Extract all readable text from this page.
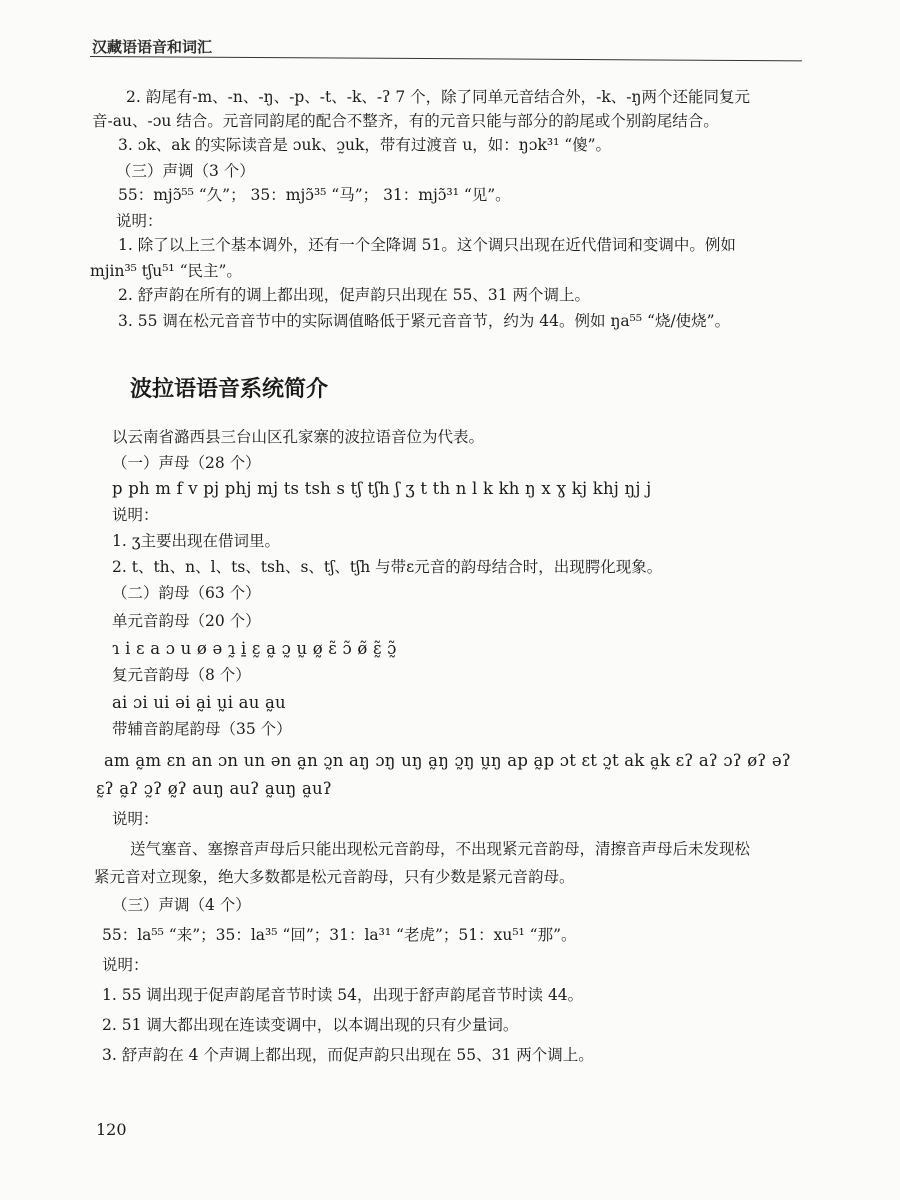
汉藏语语音和词汇
2. 韵尾有-m、-n、-ŋ、-p、-t、-k、-ʔ 7 个，除了同单元音结合外，-k、-ŋ两个还能同复元
音-au、-ɔu 结合。元音同韵尾的配合不整齐，有的元音只能与部分的韵尾或个别韵尾结合。
3. ɔk、ak 的实际读音是 ɔuk、ɔ̰uk，带有过渡音 u，如：ŋɔk³¹ “傻”。
（三）声调（3 个）
55：mjɔ̃⁵⁵ “久”； 35：mjɔ̃³⁵ “马”； 31：mjɔ̃³¹ “见”。
说明：
1. 除了以上三个基本调外，还有一个全降调 51。这个调只出现在近代借词和变调中。例如
mjin³⁵ tʃu⁵¹ “民主”。
2. 舒声韵在所有的调上都出现，促声韵只出现在 55、31 两个调上。
3. 55 调在松元音音节中的实际调值略低于紧元音音节，约为 44。例如 ŋa⁵⁵ “烧/使烧”。
波拉语语音系统简介
以云南省潞西县三台山区孔家寨的波拉语音位为代表。
（一）声母（28 个）
p ph m f v pj phj mj ts tsh s tʃ tʃh ʃ ʒ t th n l k kh ŋ x ɣ kj khj ŋj j
说明：
1. ʒ主要出现在借词里。
2. t、th、n、l、ts、tsh、s、tʃ、tʃh 与带ɛ元音的韵母结合时，出现腭化现象。
（二）韵母（63 个）
单元音韵母（20 个）
ɿ i ɛ a ɔ u ø ə ɿ̰ i̱ ɛ̰ a̰ ɔ̰ ṵ ø̰ ɛ̃ ɔ̃ ø̃ ɛ̰̃ ɔ̰̃
复元音韵母（8 个）
ai ɔi ui əi a̰i ṵi au a̰u
带辅音韵尾韵母（35 个）
am a̰m ɛn an ɔn un ən a̰n ɔ̰n aŋ ɔŋ uŋ a̰ŋ ɔ̰ŋ ṵŋ ap a̰p ɔt ɛt ɔ̰t ak a̰k ɛʔ aʔ ɔʔ øʔ əʔ
ɛ̰ʔ a̰ʔ ɔ̰ʔ ø̰ʔ auŋ auʔ a̰uŋ a̰uʔ
说明：
送气塞音、塞擦音声母后只能出现松元音韵母，不出现紧元音韵母，清擦音声母后未发现松
紧元音对立现象，绝大多数都是松元音韵母，只有少数是紧元音韵母。
（三）声调（4 个）
55：la⁵⁵ “来”；35：la³⁵ “回”；31：la³¹ “老虎”；51：xu⁵¹ “那”。
说明：
1. 55 调出现于促声韵尾音节时读 54，出现于舒声韵尾音节时读 44。
2. 51 调大都出现在连读变调中，以本调出现的只有少量词。
3. 舒声韵在 4 个声调上都出现，而促声韵只出现在 55、31 两个调上。
120
